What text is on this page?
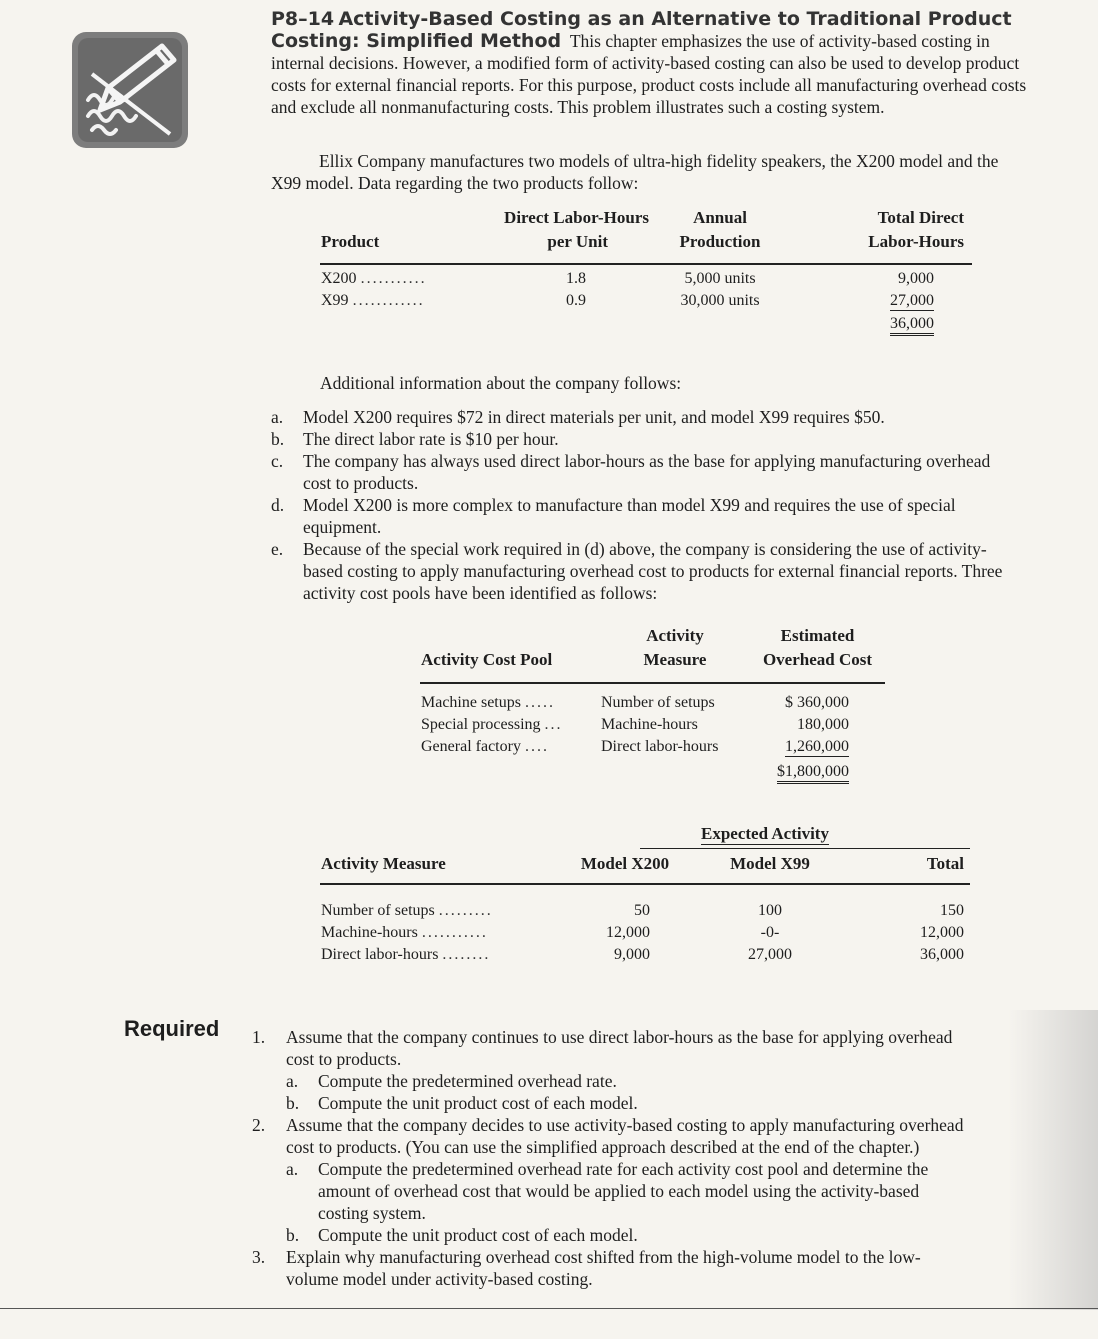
P8–14 Activity-Based Costing as an Alternative to Traditional Product Costing: Simplified Method This chapter emphasizes the use of activity-based costing in internal decisions. However, a modified form of activity-based costing can also be used to develop product costs for external financial reports. For this purpose, product costs include all manufacturing overhead costs and exclude all nonmanufacturing costs. This problem illustrates such a costing system.
Ellix Company manufactures two models of ultra-high fidelity speakers, the X200 model and the X99 model. Data regarding the two products follow:
	Direct Labor-Hours	Annual	Total Direct
Product	per Unit	Production	Labor-Hours

X200 ...........	1.8	5,000 units	9,000
X99 ............	0.9	30,000 units	27,000
			36,000
Additional information about the company follows:
a. Model X200 requires $72 in direct materials per unit, and model X99 requires $50.
b. The direct labor rate is $10 per hour.
c. The company has always used direct labor-hours as the base for applying manufacturing overhead cost to products.
d. Model X200 is more complex to manufacture than model X99 and requires the use of special equipment.
e. Because of the special work required in (d) above, the company is considering the use of activity-based costing to apply manufacturing overhead cost to products for external financial reports. Three activity cost pools have been identified as follows:
	Activity	Estimated
Activity Cost Pool	Measure	Overhead Cost

Machine setups .....	Number of setups	$ 360,000
Special processing ...	Machine-hours	180,000
General factory ....	Direct labor-hours	1,260,000
		$1,800,000
Expected Activity
Activity Measure	Model X200	Model X99	Total

Number of setups .........	50	100	150
Machine-hours ...........	12,000	-0-	12,000
Direct labor-hours ........	9,000	27,000	36,000
Required 1. Assume that the company continues to use direct labor-hours as the base for applying overhead cost to products.
a. Compute the predetermined overhead rate.
b. Compute the unit product cost of each model.
2. Assume that the company decides to use activity-based costing to apply manufacturing overhead cost to products. (You can use the simplified approach described at the end of the chapter.)
a. Compute the predetermined overhead rate for each activity cost pool and determine the amount of overhead cost that would be applied to each model using the activity-based costing system.
b. Compute the unit product cost of each model.
3. Explain why manufacturing overhead cost shifted from the high-volume model to the low-volume model under activity-based costing.
